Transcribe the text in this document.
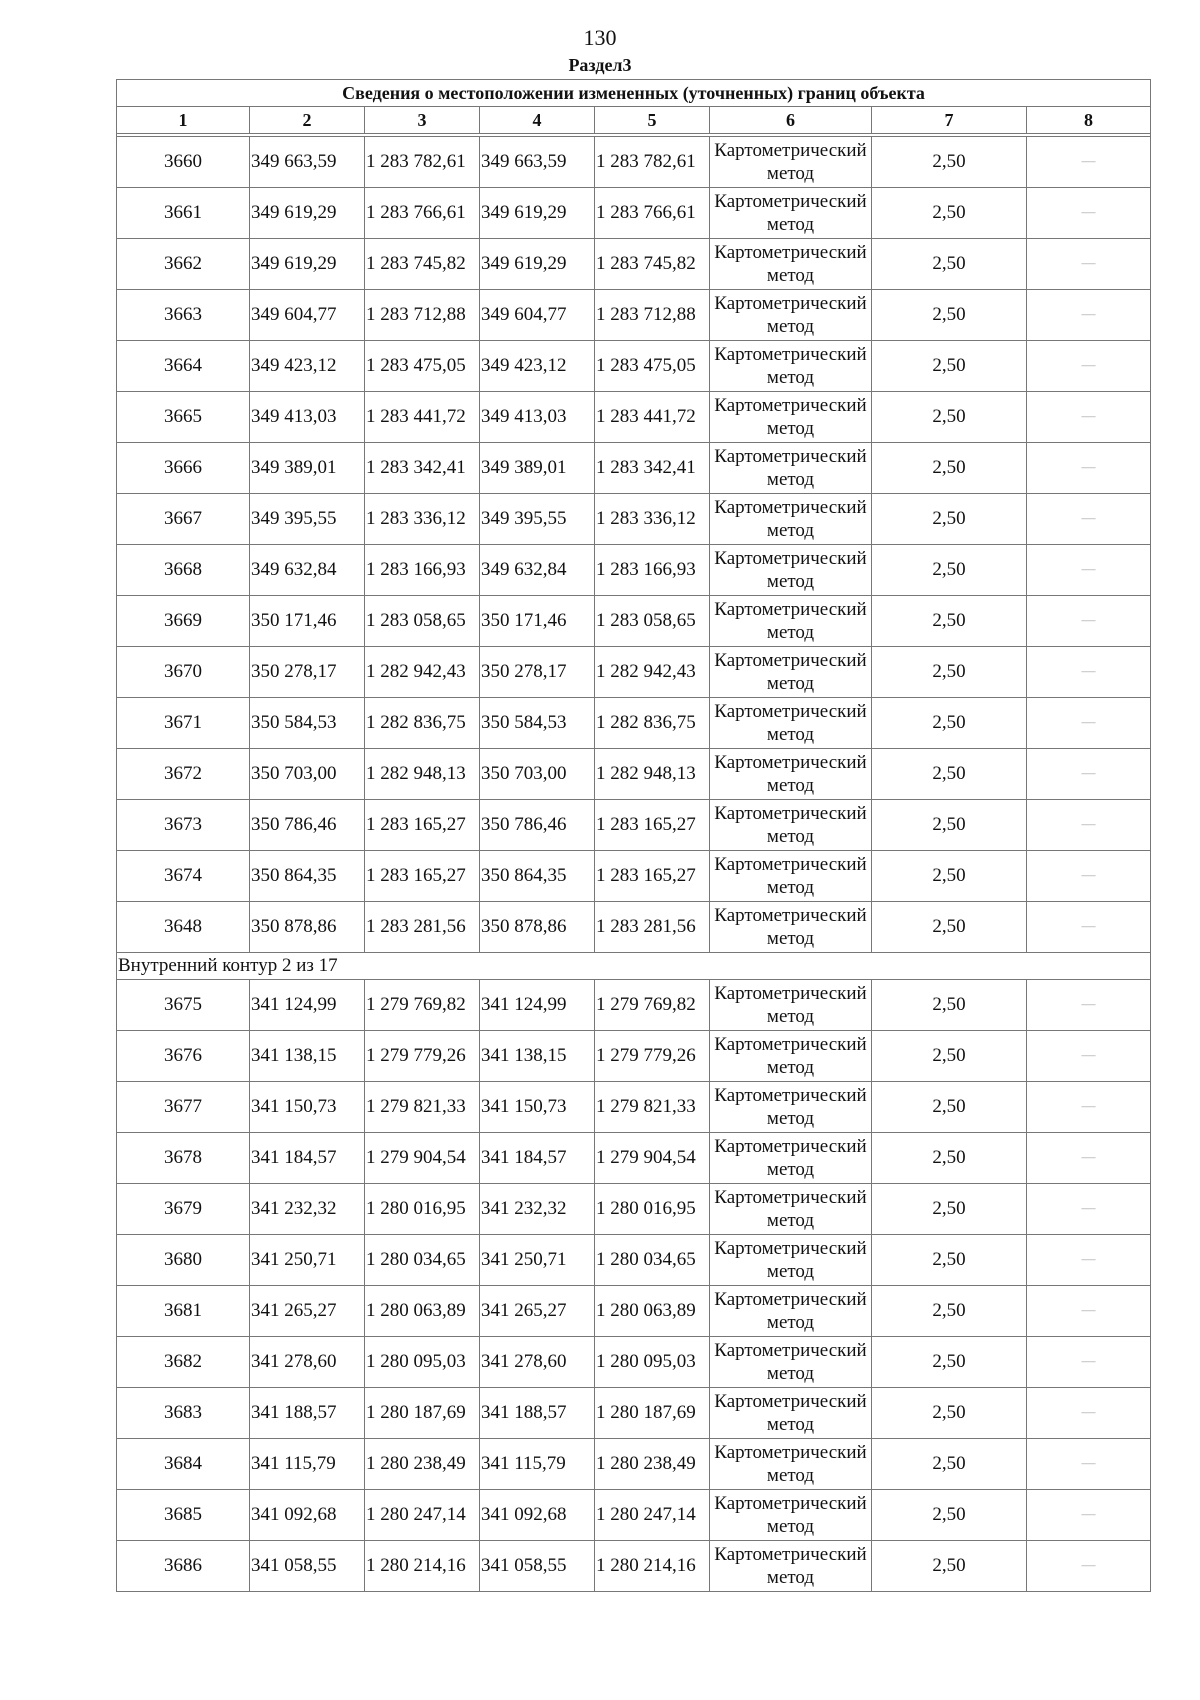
130
Раздел3
Сведения о местоположении измененных (уточненных) границ объекта							
1	2	3	4	5	6	7	8

3660	349 663,59	1 283 782,61	349 663,59	1 283 782,61	Картометрический метод	2,50	—
3661	349 619,29	1 283 766,61	349 619,29	1 283 766,61	Картометрический метод	2,50	—
3662	349 619,29	1 283 745,82	349 619,29	1 283 745,82	Картометрический метод	2,50	—
3663	349 604,77	1 283 712,88	349 604,77	1 283 712,88	Картометрический метод	2,50	—
3664	349 423,12	1 283 475,05	349 423,12	1 283 475,05	Картометрический метод	2,50	—
3665	349 413,03	1 283 441,72	349 413,03	1 283 441,72	Картометрический метод	2,50	—
3666	349 389,01	1 283 342,41	349 389,01	1 283 342,41	Картометрический метод	2,50	—
3667	349 395,55	1 283 336,12	349 395,55	1 283 336,12	Картометрический метод	2,50	—
3668	349 632,84	1 283 166,93	349 632,84	1 283 166,93	Картометрический метод	2,50	—
3669	350 171,46	1 283 058,65	350 171,46	1 283 058,65	Картометрический метод	2,50	—
3670	350 278,17	1 282 942,43	350 278,17	1 282 942,43	Картометрический метод	2,50	—
3671	350 584,53	1 282 836,75	350 584,53	1 282 836,75	Картометрический метод	2,50	—
3672	350 703,00	1 282 948,13	350 703,00	1 282 948,13	Картометрический метод	2,50	—
3673	350 786,46	1 283 165,27	350 786,46	1 283 165,27	Картометрический метод	2,50	—
3674	350 864,35	1 283 165,27	350 864,35	1 283 165,27	Картометрический метод	2,50	—
3648	350 878,86	1 283 281,56	350 878,86	1 283 281,56	Картометрический метод	2,50	—
Внутренний контур 2 из 17							
3675	341 124,99	1 279 769,82	341 124,99	1 279 769,82	Картометрический метод	2,50	—
3676	341 138,15	1 279 779,26	341 138,15	1 279 779,26	Картометрический метод	2,50	—
3677	341 150,73	1 279 821,33	341 150,73	1 279 821,33	Картометрический метод	2,50	—
3678	341 184,57	1 279 904,54	341 184,57	1 279 904,54	Картометрический метод	2,50	—
3679	341 232,32	1 280 016,95	341 232,32	1 280 016,95	Картометрический метод	2,50	—
3680	341 250,71	1 280 034,65	341 250,71	1 280 034,65	Картометрический метод	2,50	—
3681	341 265,27	1 280 063,89	341 265,27	1 280 063,89	Картометрический метод	2,50	—
3682	341 278,60	1 280 095,03	341 278,60	1 280 095,03	Картометрический метод	2,50	—
3683	341 188,57	1 280 187,69	341 188,57	1 280 187,69	Картометрический метод	2,50	—
3684	341 115,79	1 280 238,49	341 115,79	1 280 238,49	Картометрический метод	2,50	—
3685	341 092,68	1 280 247,14	341 092,68	1 280 247,14	Картометрический метод	2,50	—
3686	341 058,55	1 280 214,16	341 058,55	1 280 214,16	Картометрический метод	2,50	—
